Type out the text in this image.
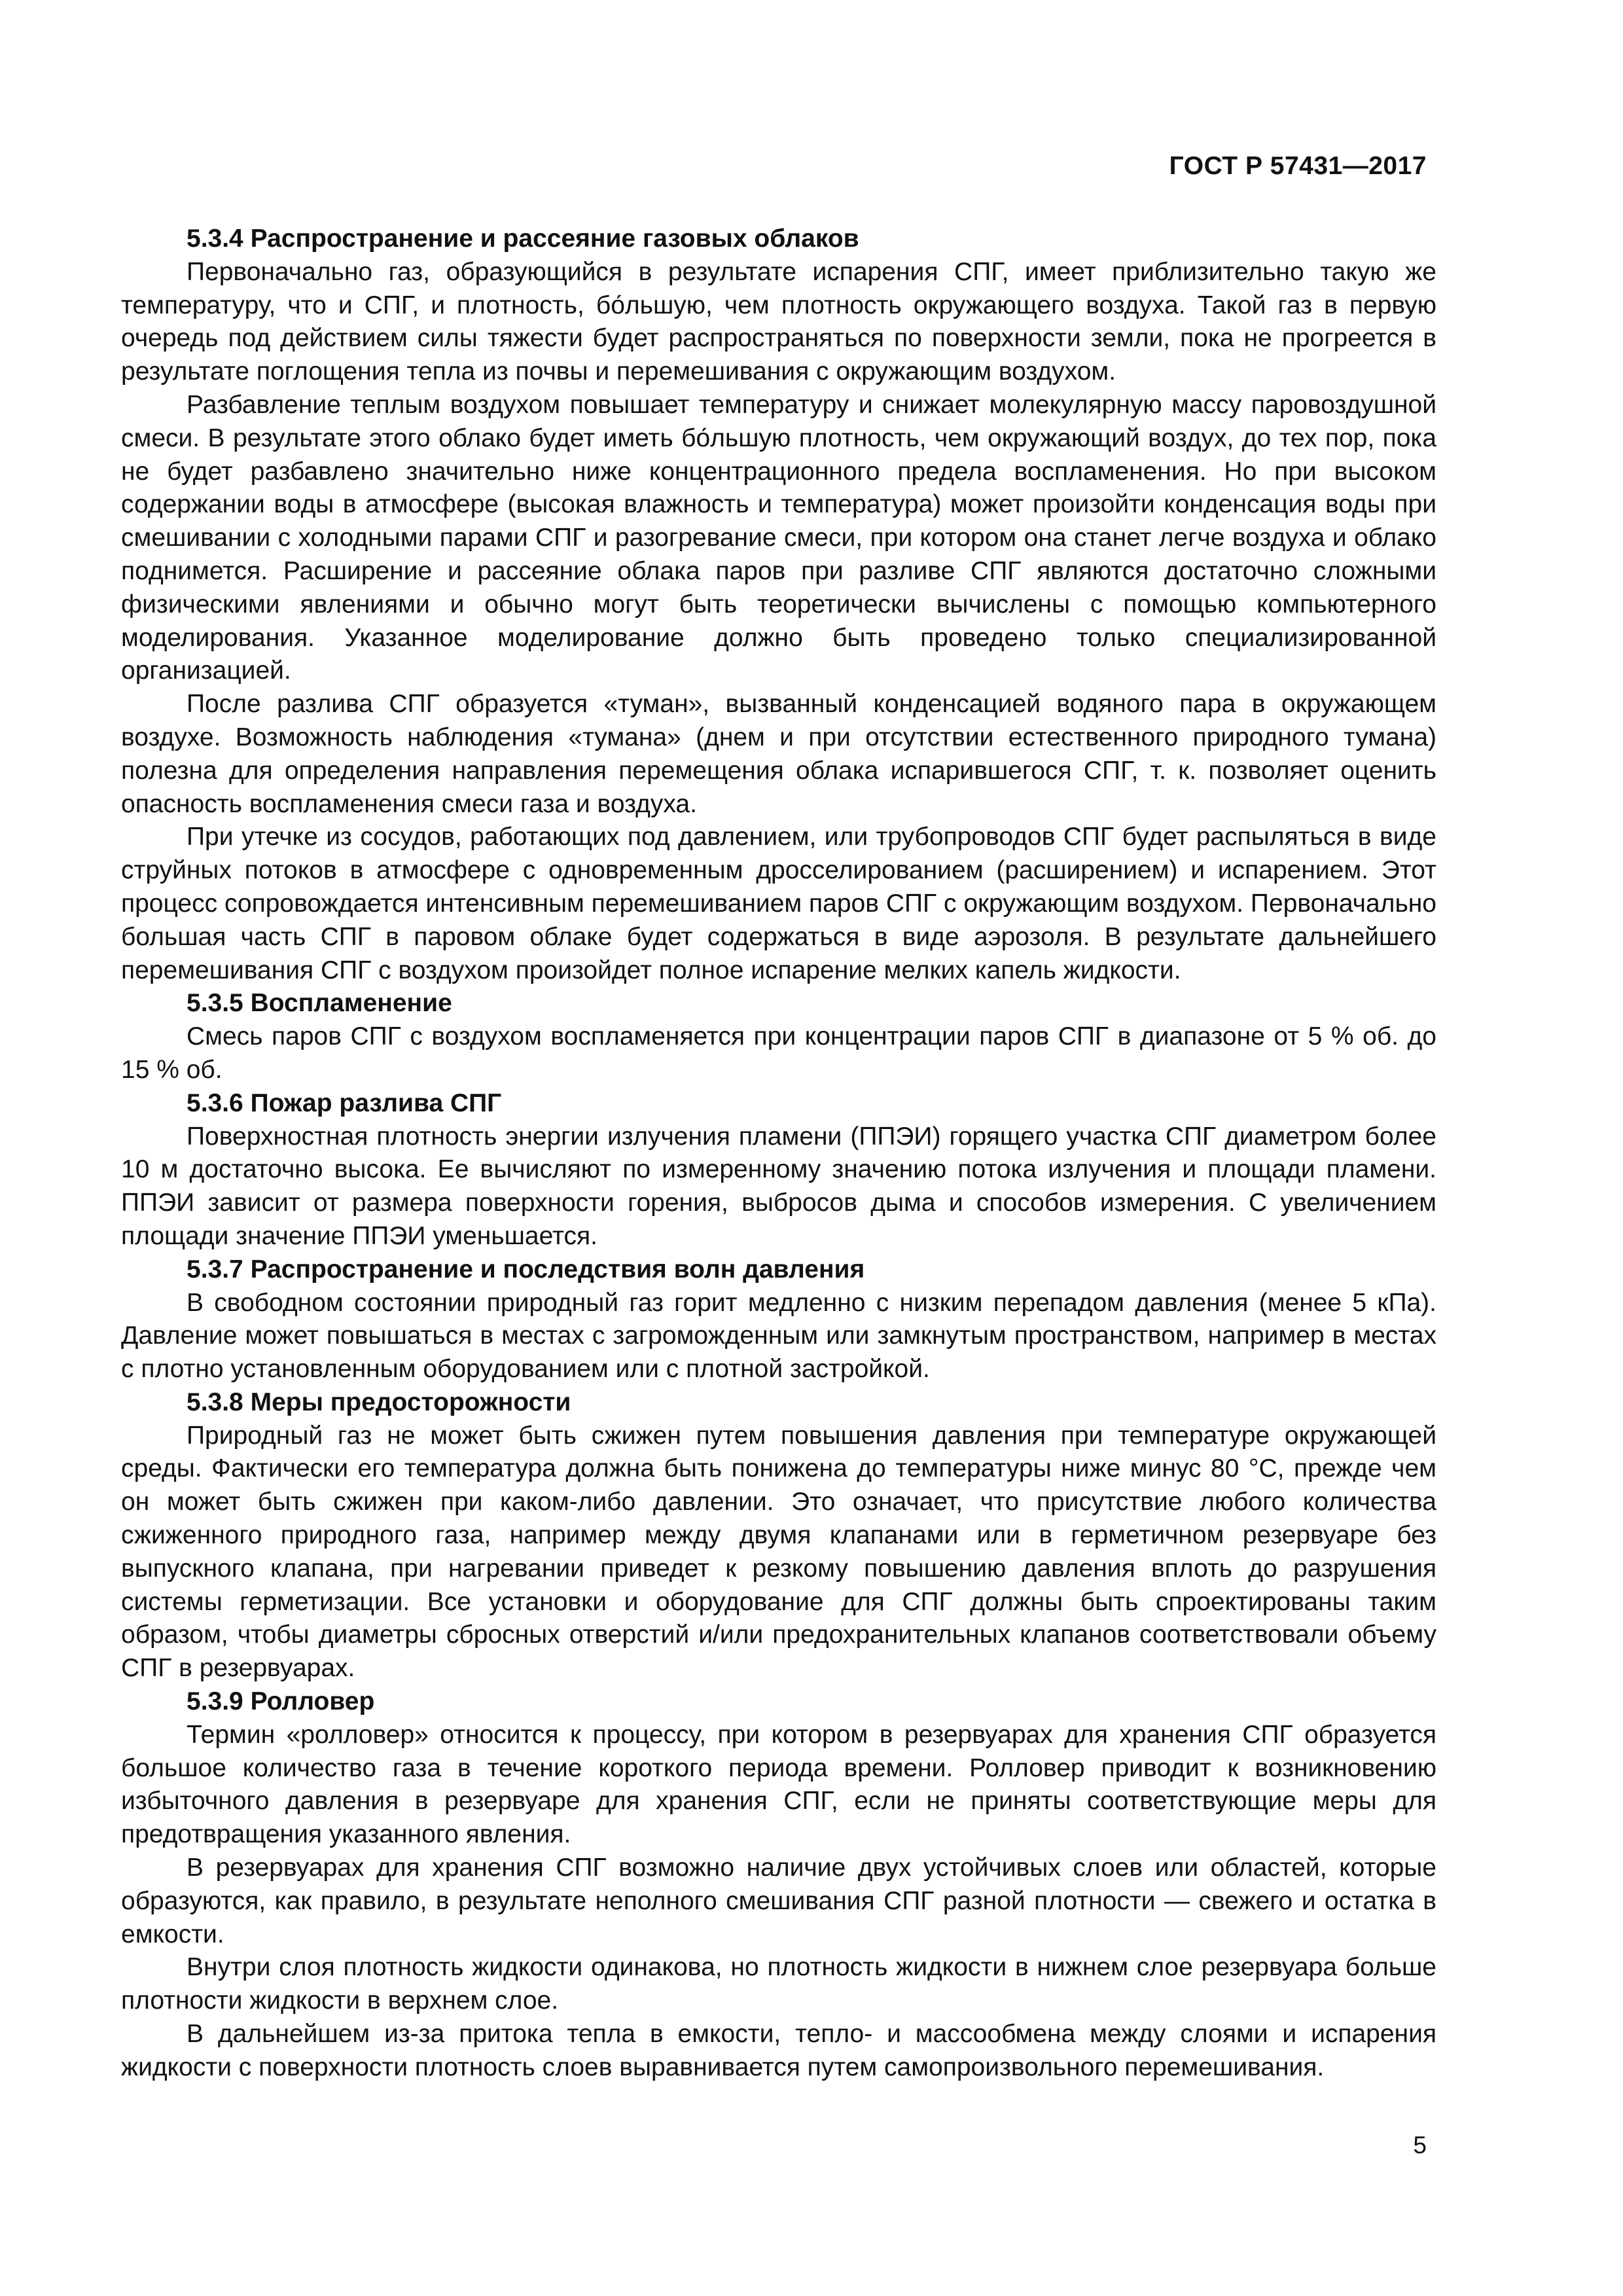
ГОСТ Р 57431—2017
5.3.4 Распространение и рассеяние газовых облаков

Первоначально газ, образующийся в результате испарения СПГ, имеет приблизительно такую же температуру, что и СПГ, и плотность, бо́льшую, чем плотность окружающего воздуха. Такой газ в первую очередь под действием силы тяжести будет распространяться по поверхности земли, пока не прогреется в результате поглощения тепла из почвы и перемешивания с окружающим воздухом.

Разбавление теплым воздухом повышает температуру и снижает молекулярную массу паровоздушной смеси. В результате этого облако будет иметь бо́льшую плотность, чем окружающий воздух, до тех пор, пока не будет разбавлено значительно ниже концентрационного предела воспламенения. Но при высоком содержании воды в атмосфере (высокая влажность и температура) может произойти конденсация воды при смешивании с холодными парами СПГ и разогревание смеси, при котором она станет легче воздуха и облако поднимется. Расширение и рассеяние облака паров при разливе СПГ являются достаточно сложными физическими явлениями и обычно могут быть теоретически вычислены с помощью компьютерного моделирования. Указанное моделирование должно быть проведено только специализированной организацией.

После разлива СПГ образуется «туман», вызванный конденсацией водяного пара в окружающем воздухе. Возможность наблюдения «тумана» (днем и при отсутствии естественного природного тумана) полезна для определения направления перемещения облака испарившегося СПГ, т. к. позволяет оценить опасность воспламенения смеси газа и воздуха.

При утечке из сосудов, работающих под давлением, или трубопроводов СПГ будет распыляться в виде струйных потоков в атмосфере с одновременным дросселированием (расширением) и испарением. Этот процесс сопровождается интенсивным перемешиванием паров СПГ с окружающим воздухом. Первоначально большая часть СПГ в паровом облаке будет содержаться в виде аэрозоля. В результате дальнейшего перемешивания СПГ с воздухом произойдет полное испарение мелких капель жидкости.

5.3.5 Воспламенение

Смесь паров СПГ с воздухом воспламеняется при концентрации паров СПГ в диапазоне от 5 % об. до 15 % об.

5.3.6 Пожар разлива СПГ

Поверхностная плотность энергии излучения пламени (ППЭИ) горящего участка СПГ диаметром более 10 м достаточно высока. Ее вычисляют по измеренному значению потока излучения и площади пламени. ППЭИ зависит от размера поверхности горения, выбросов дыма и способов измерения. С увеличением площади значение ППЭИ уменьшается.

5.3.7 Распространение и последствия волн давления

В свободном состоянии природный газ горит медленно с низким перепадом давления (менее 5 кПа). Давление может повышаться в местах с загроможденным или замкнутым пространством, например в местах с плотно установленным оборудованием или с плотной застройкой.

5.3.8 Меры предосторожности

Природный газ не может быть сжижен путем повышения давления при температуре окружающей среды. Фактически его температура должна быть понижена до температуры ниже минус 80 °С, прежде чем он может быть сжижен при каком-либо давлении. Это означает, что присутствие любого количества сжиженного природного газа, например между двумя клапанами или в герметичном резервуаре без выпускного клапана, при нагревании приведет к резкому повышению давления вплоть до разрушения системы герметизации. Все установки и оборудование для СПГ должны быть спроектированы таким образом, чтобы диаметры сбросных отверстий и/или предохранительных клапанов соответствовали объему СПГ в резервуарах.

5.3.9 Ролловер

Термин «ролловер» относится к процессу, при котором в резервуарах для хранения СПГ образуется большое количество газа в течение короткого периода времени. Ролловер приводит к возникновению избыточного давления в резервуаре для хранения СПГ, если не приняты соответствующие меры для предотвращения указанного явления.

В резервуарах для хранения СПГ возможно наличие двух устойчивых слоев или областей, которые образуются, как правило, в результате неполного смешивания СПГ разной плотности — свежего и остатка в емкости.

Внутри слоя плотность жидкости одинакова, но плотность жидкости в нижнем слое резервуара больше плотности жидкости в верхнем слое.

В дальнейшем из-за притока тепла в емкости, тепло- и массообмена между слоями и испарения жидкости с поверхности плотность слоев выравнивается путем самопроизвольного перемешивания.

5
